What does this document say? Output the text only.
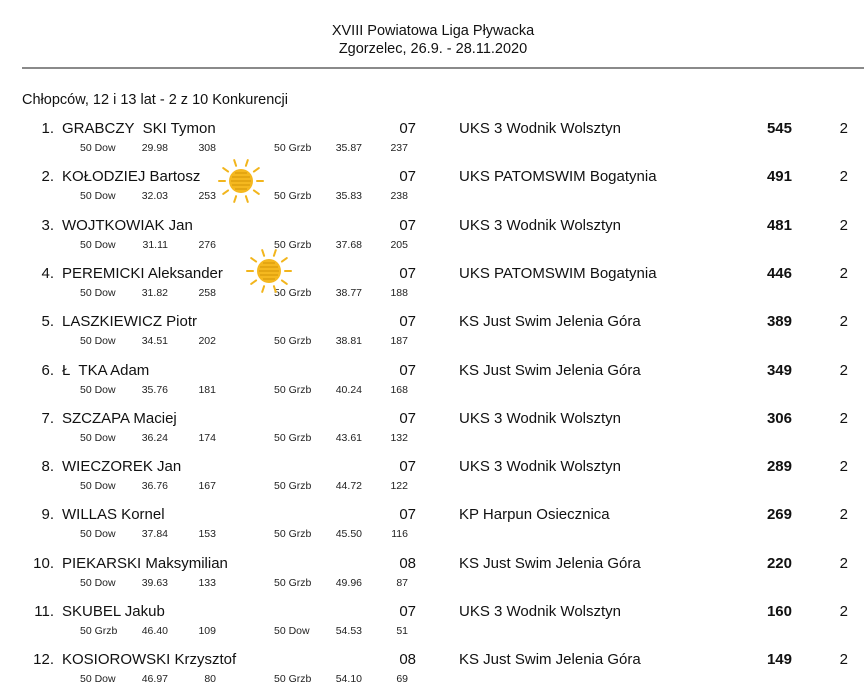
XVIII Powiatowa Liga Pływacka
Zgorzelec, 26.9. - 28.11.2020
Chłopców, 12 i 13 lat - 2 z 10 Konkurencji
1. GRABCZY  SKI Tymon	07	UKS 3 Wodnik Wolsztyn	545	2
50 Dow	29.98	308	50 Grzb	35.87	237
2. KOŁODZIEJ Bartosz	07	UKS PATOMSWIM Bogatynia	491	2
50 Dow	32.03	253	50 Grzb	35.83	238
3. WOJTKOWIAK Jan	07	UKS 3 Wodnik Wolsztyn	481	2
50 Dow	31.11	276	50 Grzb	37.68	205
4. PEREMICKI Aleksander	07	UKS PATOMSWIM Bogatynia	446	2
50 Dow	31.82	258	50 Grzb	38.77	188
5. LASZKIEWICZ Piotr	07	KS Just Swim Jelenia Góra	389	2
50 Dow	34.51	202	50 Grzb	38.81	187
6. Ł  TKA Adam	07	KS Just Swim Jelenia Góra	349	2
50 Dow	35.76	181	50 Grzb	40.24	168
7. SZCZAPA Maciej	07	UKS 3 Wodnik Wolsztyn	306	2
50 Dow	36.24	174	50 Grzb	43.61	132
8. WIECZOREK Jan	07	UKS 3 Wodnik Wolsztyn	289	2
50 Dow	36.76	167	50 Grzb	44.72	122
9. WILLAS Kornel	07	KP Harpun Osiecznica	269	2
50 Dow	37.84	153	50 Grzb	45.50	116
10. PIEKARSKI Maksymilian	08	KS Just Swim Jelenia Góra	220	2
50 Dow	39.63	133	50 Grzb	49.96	87
11. SKUBEL Jakub	07	UKS 3 Wodnik Wolsztyn	160	2
50 Grzb	46.40	109	50 Dow	54.53	51
12. KOSIOROWSKI Krzysztof	08	KS Just Swim Jelenia Góra	149	2
50 Dow	46.97	80	50 Grzb	54.10	69
